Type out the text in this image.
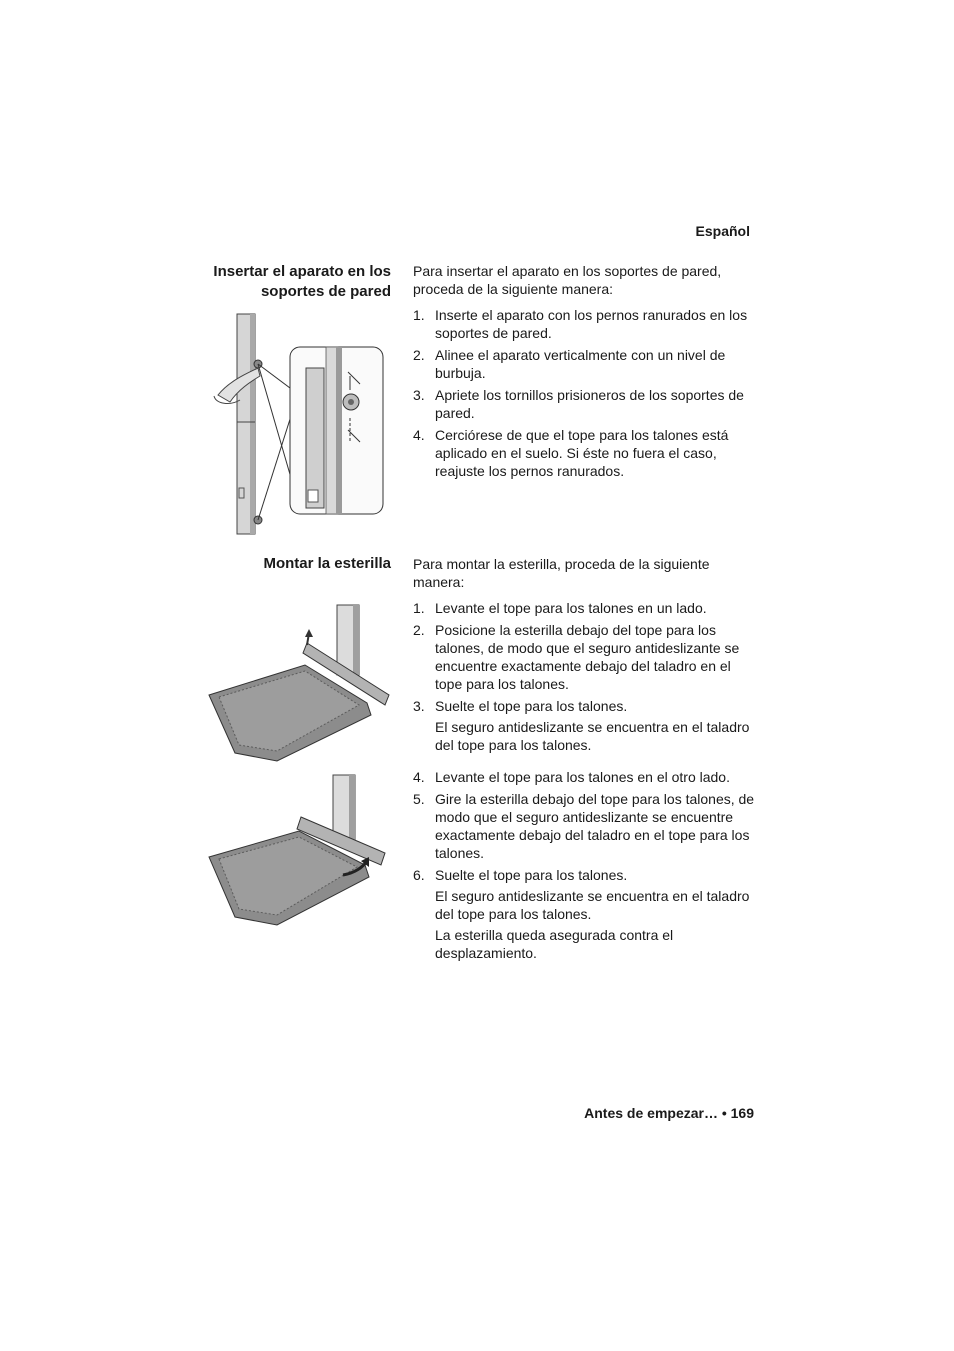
Español
Insertar el aparato en los soportes de pared
Para insertar el aparato en los soportes de pared, proceda de la siguiente manera:
1. Inserte el aparato con los pernos ranurados en los soportes de pared.
2. Alinee el aparato verticalmente con un nivel de burbuja.
3. Apriete los tornillos prisioneros de los soportes de pared.
4. Cerciórese de que el tope para los talones está aplicado en el suelo. Si éste no fuera el caso, reajuste los pernos ranurados.
Montar la esterilla Para montar la esterilla, proceda de la siguiente manera:
1. Levante el tope para los talones en un lado.
2. Posicione la esterilla debajo del tope para los talones, de modo que el seguro antideslizante se encuentre exactamente debajo del taladro en el tope para los talones.
3. Suelte el tope para los talones.
El seguro antideslizante se encuentra en el taladro del tope para los talones.
4. Levante el tope para los talones en el otro lado.
5. Gire la esterilla debajo del tope para los talones, de modo que el seguro antideslizante se encuentre exactamente debajo del taladro en el tope para los talones.
6. Suelte el tope para los talones.
El seguro antideslizante se encuentra en el taladro del tope para los talones.
La esterilla queda asegurada contra el desplazamiento.
Antes de empezar… • 169
